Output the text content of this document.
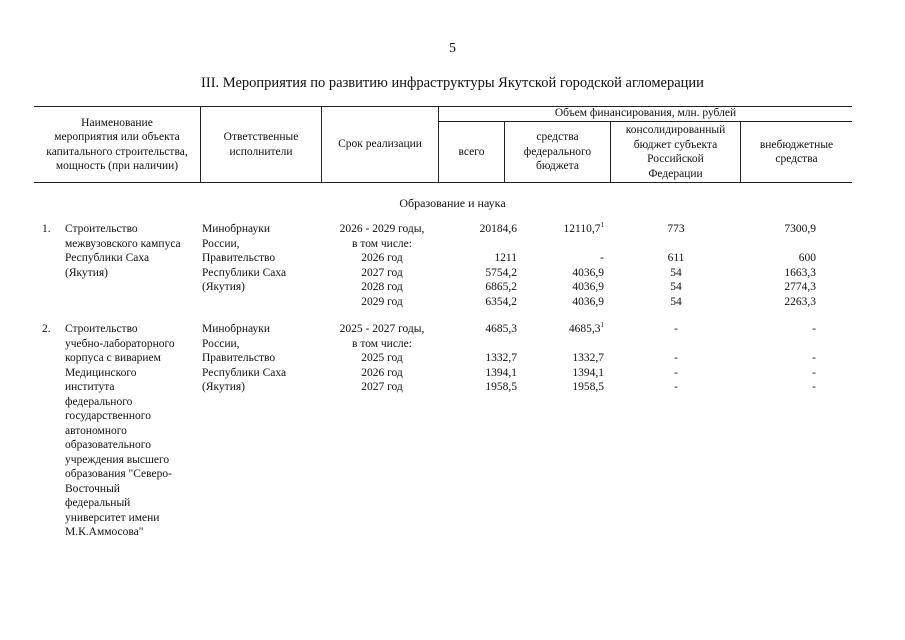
5
III. Мероприятия по развитию инфраструктуры Якутской городской агломерации
Наименование
мероприятия или объекта
капитального строительства,
мощность (при наличии)
Ответственные
исполнители
Срок реализации
Объем финансирования, млн. рублей
всего
средства
федерального
бюджета
консолидированный
бюджет субъекта
Российской
Федерации
внебюджетные
средства
Образование и наука
1.	Строительство
межвузовского кампуса
Республики Саха
(Якутия)
Минобрнауки
России,
Правительство
Республики Саха
(Якутия)
2026 - 2029 годы,
в том числе:
2026 год
2027 год
2028 год
2029 год
20184,6
1211
5754,2
6865,2
6354,2
12110,7$^1$
-
4036,9
4036,9
4036,9
773
611
54
54
54
7300,9
600
1663,3
2774,3
2263,3
2.	Строительство
учебно-лабораторного
корпуса с виварием
Медицинского
института
федерального
государственного
автономного
образовательного
учреждения высшего
образования "Северо-
Восточный
федеральный
университет имени
М.К.Аммосова"
Минобрнауки
России,
Правительство
Республики Саха
(Якутия)
2025 - 2027 годы,
в том числе:
2025 год
2026 год
2027 год
4685,3
1332,7
1394,1
1958,5
4685,3$^1$
1332,7
1394,1
1958,5
-
-
-
-
-
-
-
-
